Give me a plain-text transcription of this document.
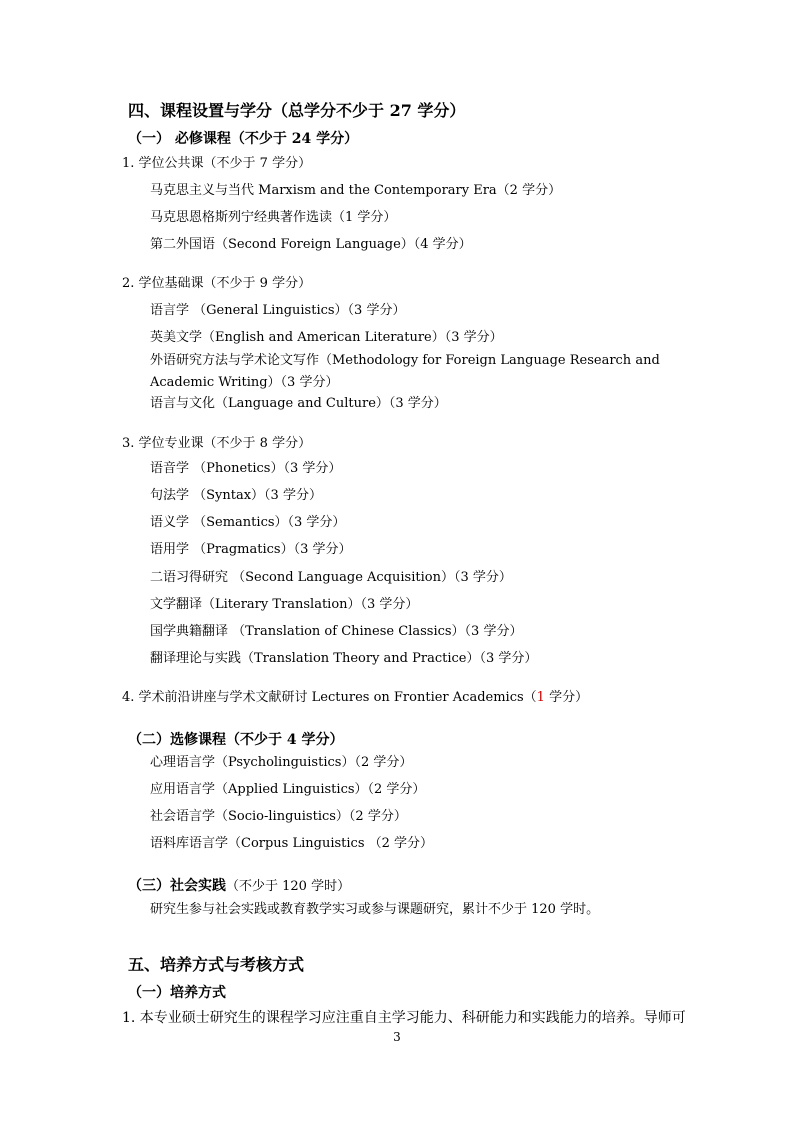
四、课程设置与学分（总学分不少于 27 学分）
（一） 必修课程（不少于 24 学分）
1. 学位公共课（不少于 7 学分）
马克思主义与当代 Marxism and the Contemporary Era（2 学分）
马克思恩格斯列宁经典著作选读（1 学分）
第二外国语（Second Foreign Language）（4 学分）
2. 学位基础课（不少于 9 学分）
语言学 （General Linguistics）（3 学分）
英美文学（English and American Literature）（3 学分）
外语研究方法与学术论文写作（Methodology for Foreign Language Research and
Academic Writing）（3 学分）
语言与文化（Language and Culture）（3 学分）
3. 学位专业课（不少于 8 学分）
语音学 （Phonetics）（3 学分）
句法学 （Syntax）（3 学分）
语义学 （Semantics）（3 学分）
语用学 （Pragmatics）（3 学分）
二语习得研究 （Second Language Acquisition）（3 学分）
文学翻译（Literary Translation）（3 学分）
国学典籍翻译 （Translation of Chinese Classics）（3 学分）
翻译理论与实践（Translation Theory and Practice）（3 学分）
4. 学术前沿讲座与学术文献研讨 Lectures on Frontier Academics（1 学分）
（二）选修课程（不少于 4 学分）
心理语言学（Psycholinguistics）（2 学分）
应用语言学（Applied Linguistics）（2 学分）
社会语言学（Socio-linguistics）（2 学分）
语料库语言学（Corpus Linguistics （2 学分）
（三）社会实践（不少于 120 学时）
研究生参与社会实践或教育教学实习或参与课题研究，累计不少于 120 学时。
五、培养方式与考核方式
（一）培养方式
1. 本专业硕士研究生的课程学习应注重自主学习能力、科研能力和实践能力的培养。导师可
3
